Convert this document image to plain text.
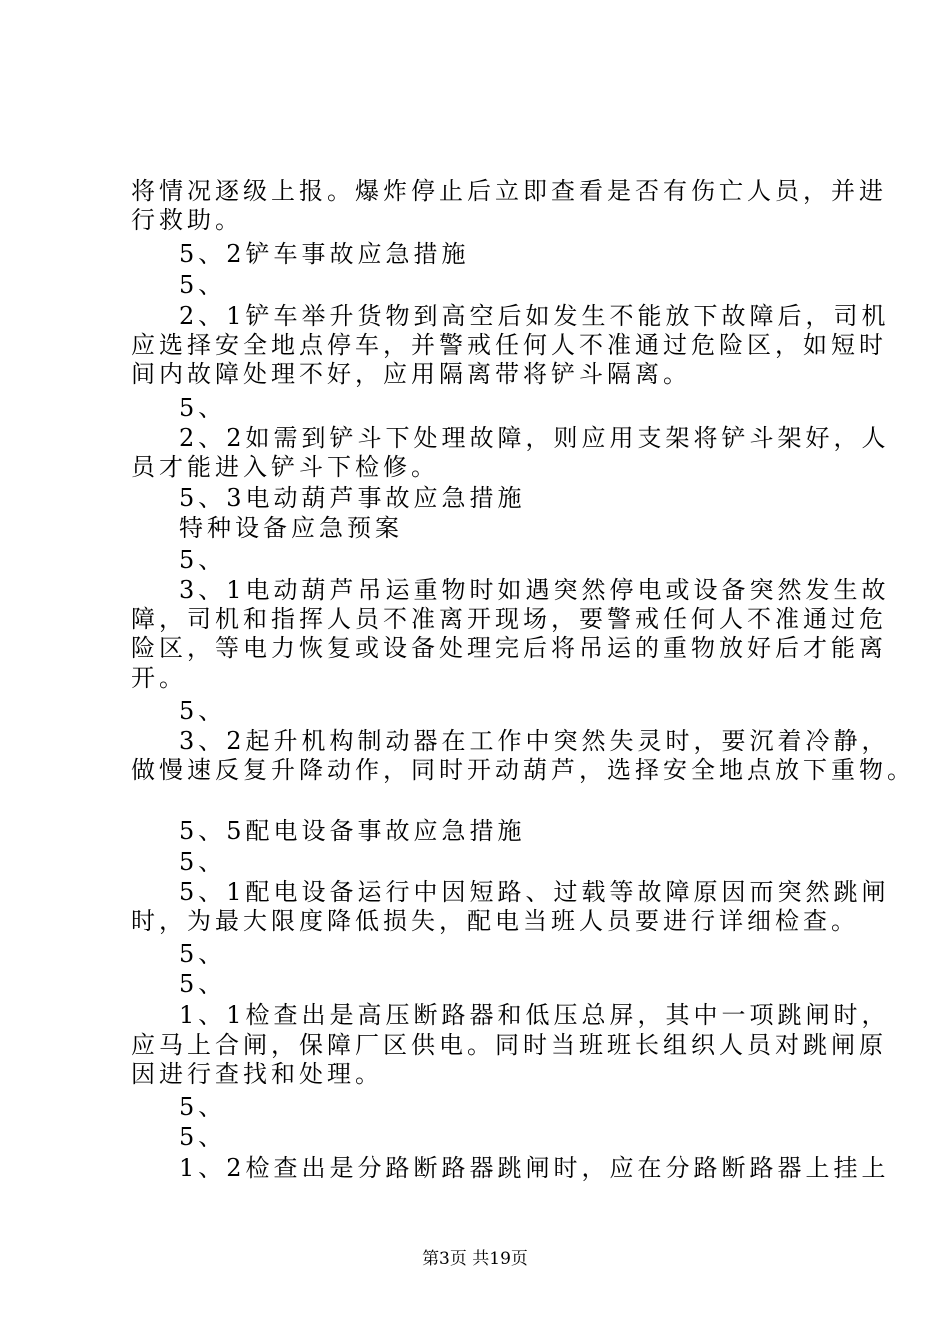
将情况逐级上报。爆炸停止后立即查看是否有伤亡人员，并进
行救助。
5、2铲车事故应急措施
5、
2、1铲车举升货物到高空后如发生不能放下故障后，司机
应选择安全地点停车，并警戒任何人不准通过危险区，如短时
间内故障处理不好，应用隔离带将铲斗隔离。
5、
2、2如需到铲斗下处理故障，则应用支架将铲斗架好，人
员才能进入铲斗下检修。
5、3电动葫芦事故应急措施
特种设备应急预案
5、
3、1电动葫芦吊运重物时如遇突然停电或设备突然发生故
障，司机和指挥人员不准离开现场，要警戒任何人不准通过危
险区，等电力恢复或设备处理完后将吊运的重物放好后才能离
开。
5、
3、2起升机构制动器在工作中突然失灵时，要沉着冷静，
做慢速反复升降动作，同时开动葫芦，选择安全地点放下重物。
5、5配电设备事故应急措施
5、
5、1配电设备运行中因短路、过载等故障原因而突然跳闸
时，为最大限度降低损失，配电当班人员要进行详细检查。
5、
5、
1、1检查出是高压断路器和低压总屏，其中一项跳闸时，
应马上合闸，保障厂区供电。同时当班班长组织人员对跳闸原
因进行查找和处理。
5、
5、
1、2检查出是分路断路器跳闸时，应在分路断路器上挂上
第3页 共19页
